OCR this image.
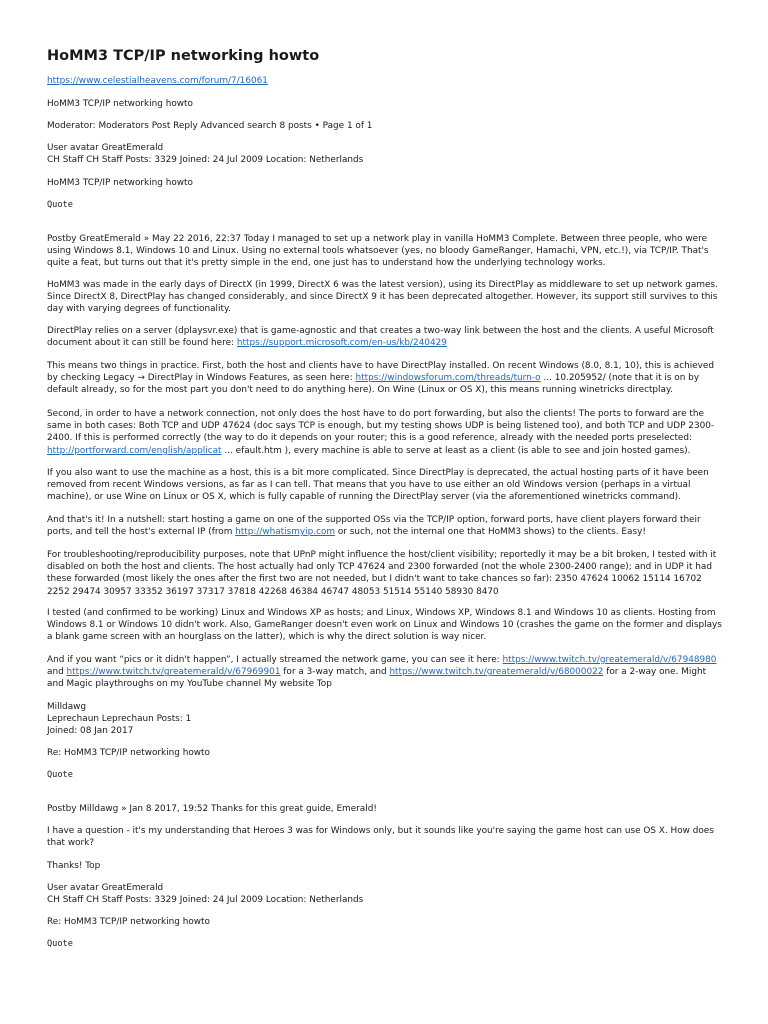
HoMM3 TCP/IP networking howto
https://www.celestialheavens.com/forum/7/16061

HoMM3 TCP/IP networking howto

Moderator: Moderators Post Reply Advanced search 8 posts • Page 1 of 1

User avatar GreatEmerald

CH Staff CH Staff Posts: 3329 Joined: 24 Jul 2009 Location: Netherlands

HoMM3 TCP/IP networking howto

Quote

Postby GreatEmerald » May 22 2016, 22:37 Today I managed to set up a network play in vanilla HoMM3 Complete. Between three people, who were using Windows 8.1, Windows 10 and Linux. Using no external tools whatsoever (yes, no bloody GameRanger, Hamachi, VPN, etc.!), via TCP/IP. That's quite a feat, but turns out that it's pretty simple in the end, one just has to understand how the underlying technology works.

HoMM3 was made in the early days of DirectX (in 1999, DirectX 6 was the latest version), using its DirectPlay as middleware to set up network games. Since DirectX 8, DirectPlay has changed considerably, and since DirectX 9 it has been deprecated altogether. However, its support still survives to this day with varying degrees of functionality.

DirectPlay relies on a server (dplaysvr.exe) that is game-agnostic and that creates a two-way link between the host and the clients. A useful Microsoft document about it can still be found here: https://support.microsoft.com/en-us/kb/240429

This means two things in practice. First, both the host and clients have to have DirectPlay installed. On recent Windows (8.0, 8.1, 10), this is achieved by checking Legacy → DirectPlay in Windows Features, as seen here: https://windowsforum.com/threads/turn-o ... 10.205952/ (note that it is on by default already, so for the most part you don't need to do anything here). On Wine (Linux or OS X), this means running winetricks directplay.

Second, in order to have a network connection, not only does the host have to do port forwarding, but also the clients! The ports to forward are the same in both cases: Both TCP and UDP 47624 (doc says TCP is enough, but my testing shows UDP is being listened too), and both TCP and UDP 2300-2400. If this is performed correctly (the way to do it depends on your router; this is a good reference, already with the needed ports preselected: http://portforward.com/english/applicat ... efault.htm ), every machine is able to serve at least as a client (is able to see and join hosted games).

If you also want to use the machine as a host, this is a bit more complicated. Since DirectPlay is deprecated, the actual hosting parts of it have been removed from recent Windows versions, as far as I can tell. That means that you have to use either an old Windows version (perhaps in a virtual machine), or use Wine on Linux or OS X, which is fully capable of running the DirectPlay server (via the aforementioned winetricks command).

And that's it! In a nutshell: start hosting a game on one of the supported OSs via the TCP/IP option, forward ports, have client players forward their ports, and tell the host's external IP (from http://whatismyip.com or such, not the internal one that HoMM3 shows) to the clients. Easy!

For troubleshooting/reproducibility purposes, note that UPnP might influence the host/client visibility; reportedly it may be a bit broken, I tested with it disabled on both the host and clients. The host actually had only TCP 47624 and 2300 forwarded (not the whole 2300-2400 range); and in UDP it had these forwarded (most likely the ones after the first two are not needed, but I didn't want to take chances so far): 2350 47624 10062 15114 16702 2252 29474 30957 33352 36197 37317 37818 42268 46384 46747 48053 51514 55140 58930 8470

I tested (and confirmed to be working) Linux and Windows XP as hosts; and Linux, Windows XP, Windows 8.1 and Windows 10 as clients. Hosting from Windows 8.1 or Windows 10 didn't work. Also, GameRanger doesn't even work on Linux and Windows 10 (crashes the game on the former and displays a blank game screen with an hourglass on the latter), which is why the direct solution is way nicer.

And if you want “pics or it didn't happen”, I actually streamed the network game, you can see it here: https://www.twitch.tv/greatemerald/v/67948980 and https://www.twitch.tv/greatemerald/v/67969901 for a 3-way match, and https://www.twitch.tv/greatemerald/v/68000022 for a 2-way one. Might and Magic playthroughs on my YouTube channel My website Top

Milldawg

Leprechaun Leprechaun Posts: 1

Joined: 08 Jan 2017

Re: HoMM3 TCP/IP networking howto

Quote

Postby Milldawg » Jan 8 2017, 19:52 Thanks for this great guide, Emerald!

I have a question - it's my understanding that Heroes 3 was for Windows only, but it sounds like you're saying the game host can use OS X. How does that work?

Thanks! Top

User avatar GreatEmerald

CH Staff CH Staff Posts: 3329 Joined: 24 Jul 2009 Location: Netherlands

Re: HoMM3 TCP/IP networking howto

Quote
